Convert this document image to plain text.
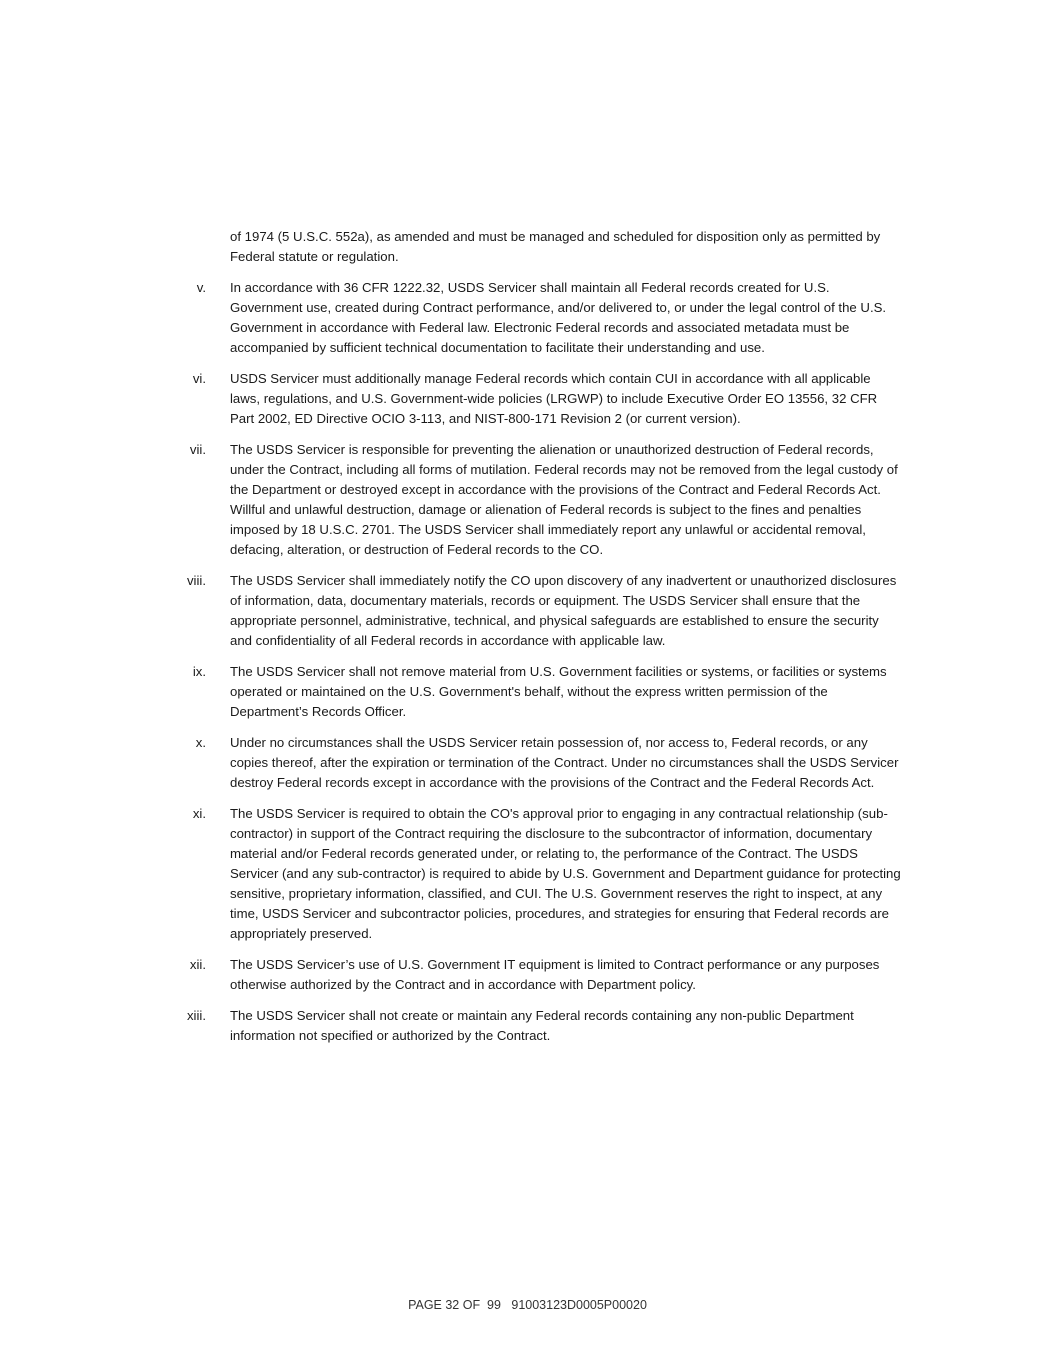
of 1974 (5 U.S.C. 552a), as amended and must be managed and scheduled for disposition only as permitted by Federal statute or regulation.
v. In accordance with 36 CFR 1222.32, USDS Servicer shall maintain all Federal records created for U.S. Government use, created during Contract performance, and/or delivered to, or under the legal control of the U.S. Government in accordance with Federal law. Electronic Federal records and associated metadata must be accompanied by sufficient technical documentation to facilitate their understanding and use.
vi. USDS Servicer must additionally manage Federal records which contain CUI in accordance with all applicable laws, regulations, and U.S. Government-wide policies (LRGWP) to include Executive Order EO 13556, 32 CFR Part 2002, ED Directive OCIO 3-113, and NIST-800-171 Revision 2 (or current version).
vii. The USDS Servicer is responsible for preventing the alienation or unauthorized destruction of Federal records, under the Contract, including all forms of mutilation. Federal records may not be removed from the legal custody of the Department or destroyed except in accordance with the provisions of the Contract and Federal Records Act. Willful and unlawful destruction, damage or alienation of Federal records is subject to the fines and penalties imposed by 18 U.S.C. 2701. The USDS Servicer shall immediately report any unlawful or accidental removal, defacing, alteration, or destruction of Federal records to the CO.
viii. The USDS Servicer shall immediately notify the CO upon discovery of any inadvertent or unauthorized disclosures of information, data, documentary materials, records or equipment. The USDS Servicer shall ensure that the appropriate personnel, administrative, technical, and physical safeguards are established to ensure the security and confidentiality of all Federal records in accordance with applicable law.
ix. The USDS Servicer shall not remove material from U.S. Government facilities or systems, or facilities or systems operated or maintained on the U.S. Government's behalf, without the express written permission of the Department’s Records Officer.
x. Under no circumstances shall the USDS Servicer retain possession of, nor access to, Federal records, or any copies thereof, after the expiration or termination of the Contract. Under no circumstances shall the USDS Servicer destroy Federal records except in accordance with the provisions of the Contract and the Federal Records Act.
xi. The USDS Servicer is required to obtain the CO's approval prior to engaging in any contractual relationship (sub-contractor) in support of the Contract requiring the disclosure to the subcontractor of information, documentary material and/or Federal records generated under, or relating to, the performance of the Contract. The USDS Servicer (and any sub-contractor) is required to abide by U.S. Government and Department guidance for protecting sensitive, proprietary information, classified, and CUI. The U.S. Government reserves the right to inspect, at any time, USDS Servicer and subcontractor policies, procedures, and strategies for ensuring that Federal records are appropriately preserved.
xii. The USDS Servicer’s use of U.S. Government IT equipment is limited to Contract performance or any purposes otherwise authorized by the Contract and in accordance with Department policy.
xiii. The USDS Servicer shall not create or maintain any Federal records containing any non-public Department information not specified or authorized by the Contract.
PAGE 32 OF  99   91003123D0005P00020
